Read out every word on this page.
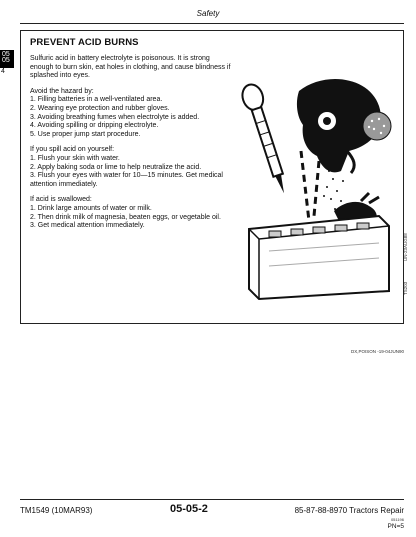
Safety
05
05
4
PREVENT ACID BURNS

Sulfuric acid in battery electrolyte is poisonous. It is strong enough to burn skin, eat holes in clothing, and cause blindness if splashed into eyes.

Avoid the hazard by:
1. Filling batteries in a well-ventilated area.
2. Wearing eye protection and rubber gloves.
3. Avoiding breathing fumes when electrolyte is added.
4. Avoiding spilling or dripping electrolyte.
5. Use proper jump start procedure.
If you spill acid on yourself:
1. Flush your skin with water.
2. Apply baking soda or lime to help neutralize the acid.
3. Flush your eyes with water for 10—15 minutes. Get medical attention immediately.
If acid is swallowed:
1. Drink large amounts of water or milk.
2. Then drink milk of magnesia, beaten eggs, or vegetable oil.
3. Get medical attention immediately.
TS203
UN-23AUG88
DX,POISON -19-04JUN90
TM1549 (10MAR93)	05-05-2	85-87-88-8970 Tractors Repair
051196
PN=5
